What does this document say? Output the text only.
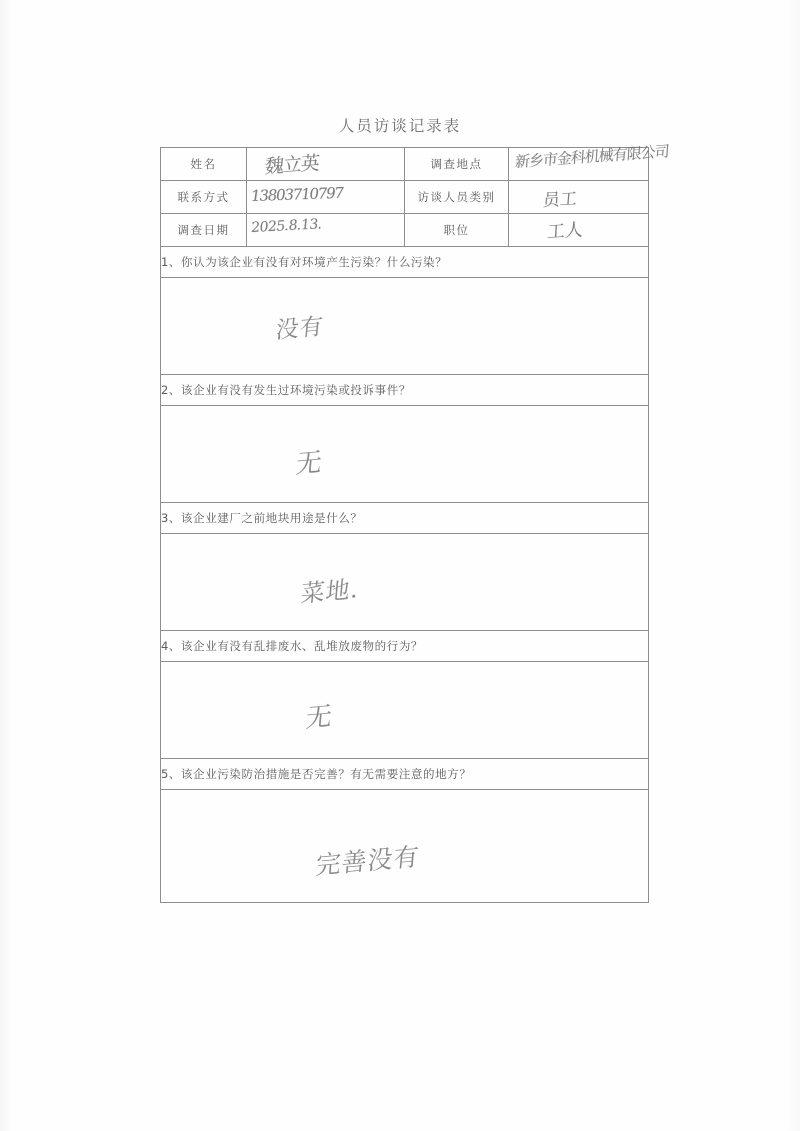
人员访谈记录表
姓名	魏立英	调查地点	新乡市金科机械有限公司

联系方式	13803710797	访谈人员类别	员工

调查日期	2025.8.13.	职位	工人

1、你认为该企业有没有对环境产生污染？什么污染？			

没有			

2、该企业有没有发生过环境污染或投诉事件？			

无			

3、该企业建厂之前地块用途是什么？			

菜地.			

4、该企业有没有乱排废水、乱堆放废物的行为？			

无			

5、该企业污染防治措施是否完善？有无需要注意的地方？			

完善没有			
